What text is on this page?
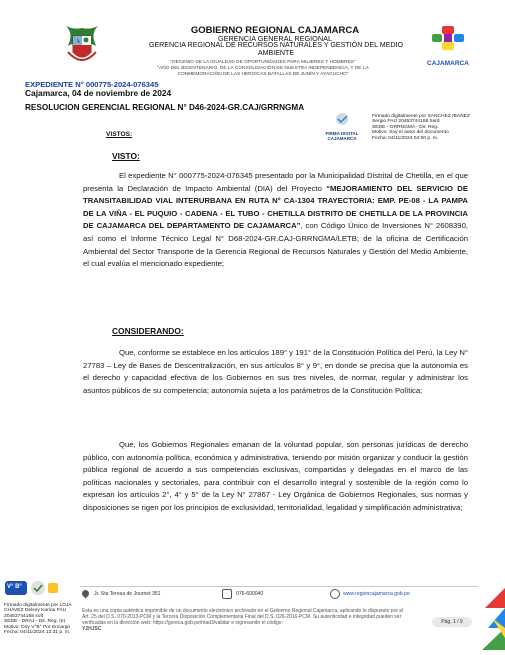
GOBIERNO REGIONAL CAJAMARCA
GERENCIA GENERAL REGIONAL
GERENCIA REGIONAL DE RECURSOS NATURALES Y GESTIÓN DEL MEDIO AMBIENTE
"DECENIO DE LA IGUALDAD DE OPORTUNIDADES PARA MUJERES Y HOMBRES"
"AÑO DEL BICENTENARIO, DE LA CONSOLIDACIÓN DE NUESTRA INDEPENDENCIA, Y DE LA
CONMEMORACIÓN DE LAS HEROICAS BATALLAS DE JUNÍN Y AYACUCHO"
CAJAMARCA
EXPEDIENTE N° 000775-2024-076345
Cajamarca, 04 de noviembre de 2024
RESOLUCION GERENCIAL REGIONAL N° D46-2024-GR.CAJ/GRRNGMA
FIRMA DIGITAL
CAJAMARCA
Firmado digitalmente por SANCHEZ IBAÑEZ
Sergio FAU 20453744168 hard
SEDE - GRRNGMA - Dir. Reg.
Motivo: Soy el autor del documento
Fecha: 04/11/2024 04:50 p. m.
VISTOS:
VISTO:
El expediente N° 000775-2024-076345 presentado por la Municipalidad Distrital de Chetilla, en el que presenta la Declaración de Impacto Ambiental (DIA) del Proyecto “MEJORAMIENTO DEL SERVICIO DE TRANSITABILIDAD VIAL INTERURBANA EN RUTA N° CA-1304 TRAYECTORIA: EMP. PE-08 - LA PAMPA DE LA VIÑA - EL PUQUIO - CADENA - EL TUBO - CHETILLA DISTRITO DE CHETILLA DE LA PROVINCIA DE CAJAMARCA DEL DEPARTAMENTO DE CAJAMARCA”, con Código Único de Inversiones N° 2608390, así como el Informe Técnico Legal N° D68-2024-GR.CAJ-GRRNGMA/LETB; de la oficina de Certificación Ambiental del Sector Transporte de la Gerencia Regional de Recursos Naturales y Gestión del Medio Ambiente, el cual evalúa el mencionado expediente;
CONSIDERANDO:
Que, conforme se establece en los artículos 189° y 191° de la Constitución Política del Perú, la Ley N° 27783 – Ley de Bases de Descentralización, en sus artículos 8° y 9°, en donde se precisa que la autonomía es el derecho y capacidad efectiva de los Gobiernos en sus tres niveles, de normar, regular y administrar los asuntos públicos de su competencia; autonomía sujeta a los parámetros de la Constitución Política;
Que, los Gobiernos Regionales emanan de la voluntad popular, son personas jurídicas de derecho público, con autonomía política, económica y administrativa, teniendo por misión organizar y conducir la gestión pública regional de acuerdo a sus competencias exclusivas, compartidas y delegadas en el marco de las políticas nacionales y sectoriales, para contribuir con el desarrollo integral y sostenible de la región como lo expresan los artículos 2°, 4° y 5° de la Ley N° 27867 - Ley Orgánica de Gobiernos Regionales, sus normas y disposiciones se rigen por los principios de exclusividad, territorialidad, legalidad y simplificación administrativa;
V° B°
Firmado digitalmente por LOJA
CHAVEZ Delsey Karina FAU
20453744168 soft
SEDE - DRAJ - Dir. Reg. (e)
Motivo: Doy V°B° Por Encargo
Fecha: 04/11/2024 12:31 p. m.
Jr. Sta Teresa de Journet 351	076-600040	www.regioncajamarca.gob.pe
Esta es una copia auténtica imprimible de un documento electrónico archivado en el Gobierno Regional Cajamarca, aplicando lo dispuesto por el Art. 25 del D.S. 070-2013-PCM y la Tercera Disposición Complementaria Final del D.S. 026-2016-PCM. Su autenticidad e integridad pueden ser verificadas en la dirección web: https://goreca.gob.pe/mad3/validar e ingresando el código:
Y2HJSC
Pág. 1 / 9
